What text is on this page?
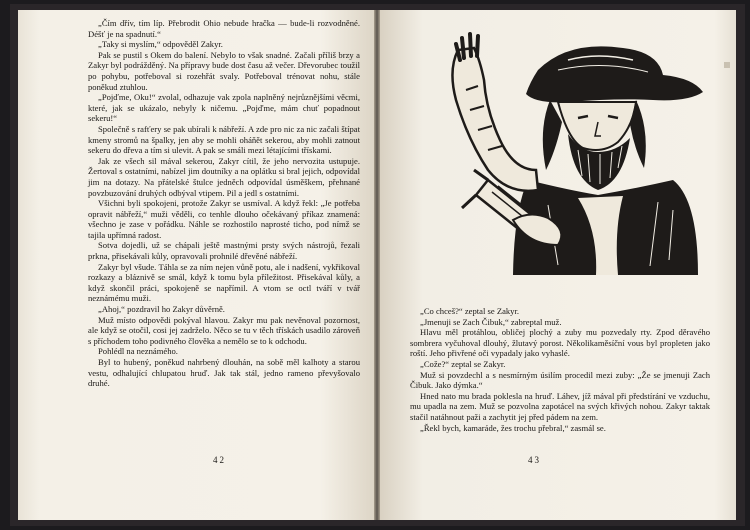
„Čím dřív, tím líp. Přebrodit Ohio nebude hračka — bude-li rozvodněné. Déšť je na spadnutí.“

„Taky si myslím,“ odpověděl Zakyr.

Pak se pustil s Okem do balení. Nebylo to však snadné. Začali příliš brzy a Zakyr byl podrážděný. Na přípravy bude dost času až večer. Dřevorubec toužil po pohybu, potřeboval si rozehřát svaly. Potřeboval trénovat nohu, stále poněkud ztuhlou.

„Pojďme, Oku!“ zvolal, odhazuje vak zpola naplněný nejrůznějšími věcmi, které, jak se ukázalo, nebyly k ničemu. „Pojďme, mám chuť popadnout sekeru!“

Společně s rafťery se pak ubírali k nábřeží. A zde pro nic za nic začali štípat kmeny stromů na špalky, jen aby se mohli oháňět sekerou, aby mohli zatnout sekeru do dřeva a tím si ulevit. A pak se smáli mezi létajícími třískami.

Jak ze všech sil mával sekerou, Zakyr cítil, že jeho nervozita ustupuje. Žertoval s ostatními, nabízel jim doutníky a na oplátku si bral jejich, odpovídal jim na dotazy. Na přátelské štulce jedněch odpovídal úsměškem, přehnané povzbuzování druhých odbýval vtipem. Pil a jedl s ostatními.

Všichni byli spokojeni, protože Zakyr se usmíval. A když řekl: „Je potřeba opravit nábřeží,“ muži věděli, co tenhle dlouho očekávaný příkaz znamená: všechno je zase v pořádku. Náhle se rozhostilo naprosté ticho, pod nímž se tajila upřímná radost.

Sotva dojedli, už se chápali ještě mastnými prsty svých nástrojů, řezali prkna, přisekávali kůly, opravovali prohnilé dřevěné nábřeží.

Zakyr byl všude. Táhla se za ním nejen vůně potu, ale i nadšení, vykřikoval rozkazy a bláznivě se smál, když k tomu byla příležitost. Přisekával kůly, a když skončil práci, spokojeně se napřímil. A vtom se octl tváří v tvář neznámému muži.

„Ahoj,“ pozdravil ho Zakyr důvěrně.

Muž místo odpovědi pokýval hlavou. Zakyr mu pak nevěnoval pozornost, ale když se otočil, cosi jej zadrželo. Něco se tu v těch třískách usadilo zároveň s příchodem toho podivného člověka a nemělo se to k odchodu.

Pohlédl na neznámého.

Byl to hubený, poněkud nahrbený dlouhán, na sobě měl kalhoty a starou vestu, odhalující chlupatou hruď. Jak tak stál, jedno rameno převyšovalo druhé.

42

„Co chceš?“ zeptal se Zakyr.

„Jmenuji se Zach Čibuk,“ zabreptal muž.

Hlavu měl protáhlou, obličej plochý a zuby mu pozvedaly rty. Zpod děravého sombrera vyčuhoval dlouhý, žlutavý porost. Několikaměsíční vous byl propleten jako roští. Jeho přivřené oči vypadaly jako vyhaslé.

„Cože?“ zeptal se Zakyr.

Muž si povzdechl a s nesmírným úsilím procedil mezi zuby: „Že se jmenuji Zach Čibuk. Jako dýmka.“

Hned nato mu brada poklesla na hruď. Láhev, jíž mával při předstírání ve vzduchu, mu upadla na zem. Muž se pozvolna zapotácel na svých křivých nohou. Zakyr taktak stačil natáhnout paži a zachytit jej před pádem na zem.

„Řekl bych, kamaráde, žes trochu přebral,“ zasmál se.

43
